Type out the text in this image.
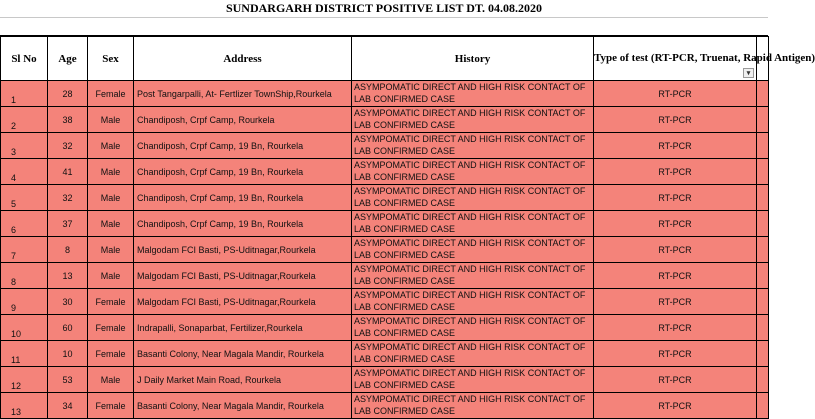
SUNDARGARH DISTRICT POSITIVE LIST DT. 04.08.2020
Sl No	Age	Sex	Address	History	Type of test (RT-PCR, Truenat, Rapid Antigen)
▾	

1	28	Female	Post Tangarpalli, At- Fertlizer TownShip,Rourkela	ASYMPOMATIC DIRECT AND HIGH RISK CONTACT OF LAB CONFIRMED CASE	RT-PCR	
2	38	Male	Chandiposh, Crpf Camp, Rourkela	ASYMPOMATIC DIRECT AND HIGH RISK CONTACT OF LAB CONFIRMED CASE	RT-PCR	
3	32	Male	Chandiposh, Crpf Camp, 19 Bn, Rourkela	ASYMPOMATIC DIRECT AND HIGH RISK CONTACT OF LAB CONFIRMED CASE	RT-PCR	
4	41	Male	Chandiposh, Crpf Camp, 19 Bn, Rourkela	ASYMPOMATIC DIRECT AND HIGH RISK CONTACT OF LAB CONFIRMED CASE	RT-PCR	
5	32	Male	Chandiposh, Crpf Camp, 19 Bn, Rourkela	ASYMPOMATIC DIRECT AND HIGH RISK CONTACT OF LAB CONFIRMED CASE	RT-PCR	
6	37	Male	Chandiposh, Crpf Camp, 19 Bn, Rourkela	ASYMPOMATIC DIRECT AND HIGH RISK CONTACT OF LAB CONFIRMED CASE	RT-PCR	
7	8	Male	Malgodam FCI Basti, PS-Uditnagar,Rourkela	ASYMPOMATIC DIRECT AND HIGH RISK CONTACT OF LAB CONFIRMED CASE	RT-PCR	
8	13	Male	Malgodam FCI Basti, PS-Uditnagar,Rourkela	ASYMPOMATIC DIRECT AND HIGH RISK CONTACT OF LAB CONFIRMED CASE	RT-PCR	
9	30	Female	Malgodam FCI Basti, PS-Uditnagar,Rourkela	ASYMPOMATIC DIRECT AND HIGH RISK CONTACT OF LAB CONFIRMED CASE	RT-PCR	
10	60	Female	Indrapalli, Sonaparbat, Fertilizer,Rourkela	ASYMPOMATIC DIRECT AND HIGH RISK CONTACT OF LAB CONFIRMED CASE	RT-PCR	
11	10	Female	Basanti Colony, Near Magala Mandir, Rourkela	ASYMPOMATIC DIRECT AND HIGH RISK CONTACT OF LAB CONFIRMED CASE	RT-PCR	
12	53	Male	J Daily Market Main Road, Rourkela	ASYMPOMATIC DIRECT AND HIGH RISK CONTACT OF LAB CONFIRMED CASE	RT-PCR	
13	34	Female	Basanti Colony, Near Magala Mandir, Rourkela	ASYMPOMATIC DIRECT AND HIGH RISK CONTACT OF LAB CONFIRMED CASE	RT-PCR	
